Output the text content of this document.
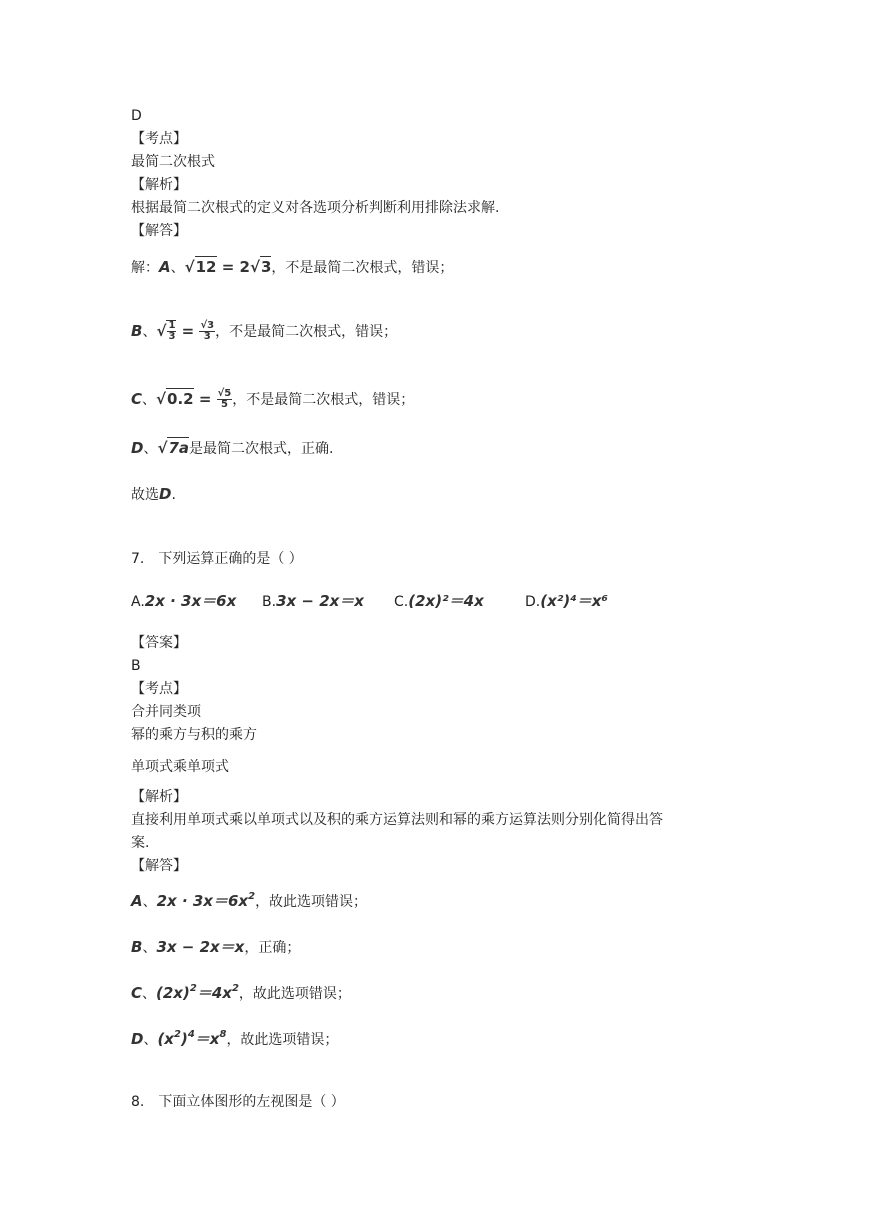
D
【考点】
最简二次根式
【解析】
根据最简二次根式的定义对各选项分析判断利用排除法求解.
【解答】
解：A、√12 = 2√3，不是最简二次根式，错误；
B、√ $\frac{1}{3} = \frac{√3}{3}$ ，不是最简二次根式，错误；
C、$√0.2 = \frac{√5}{5}$ ，不是最简二次根式，错误；
D、√7a是最简二次根式，正确.
故选D.
7.　下列运算正确的是（ ）
A.2x · 3x＝6x B.3x − 2x＝x C.(2x)²＝4x	D.(x²)⁴＝x⁶
【答案】
B
【考点】
合并同类项
幂的乘方与积的乘方
单项式乘单项式
【解析】
直接利用单项式乘以单项式以及积的乘方运算法则和幂的乘方运算法则分别化简得出答
案.
【解答】
A、$2x \cdot 3x=6x^2$，故此选项错误；
B、3x − 2x＝x，正确；
C、$(2x)^2=4x^2$，故此选项错误；
D、$(x^2)^4=x^8$，故此选项错误；
8.　下面立体图形的左视图是（ ）
